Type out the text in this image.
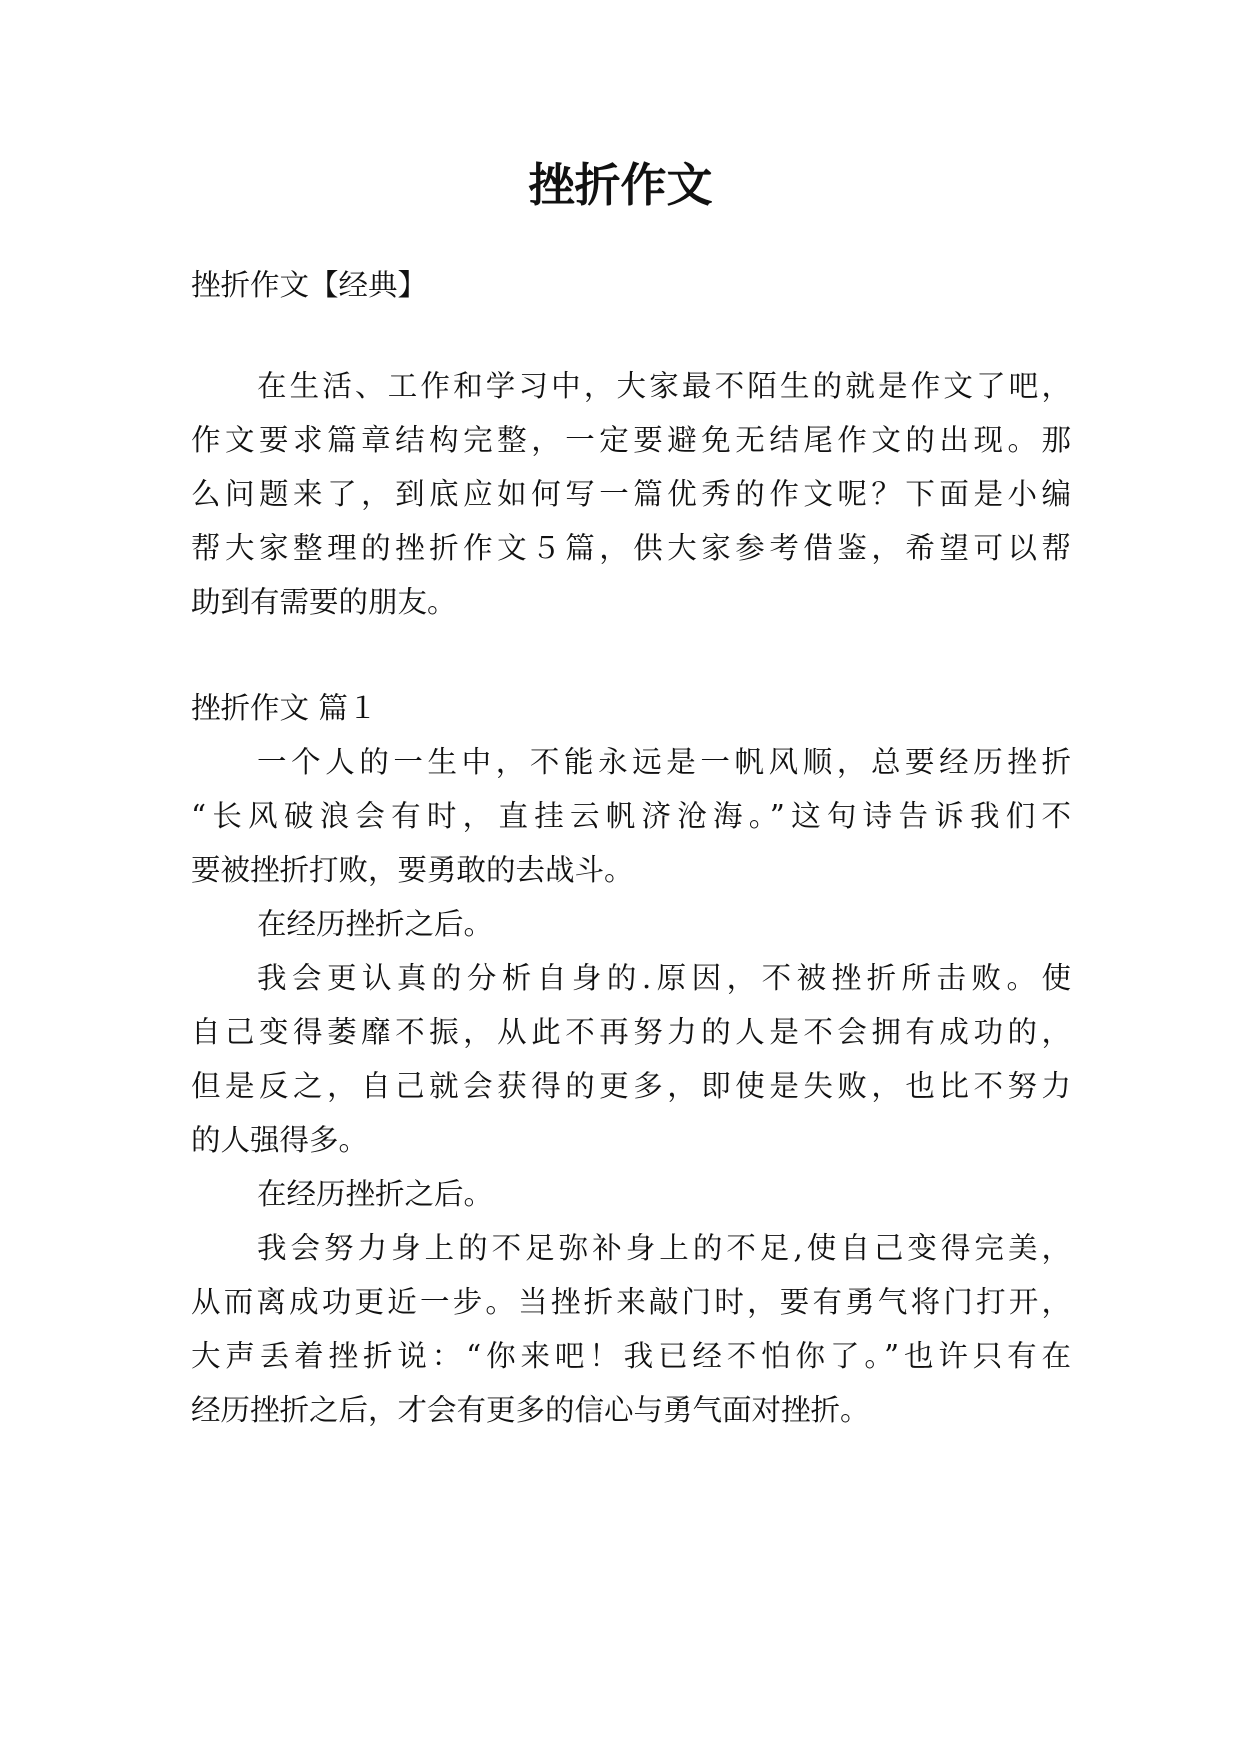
挫折作文
挫折作文【经典】
在生活、工作和学习中，大家最不陌生的就是作文了吧，
作文要求篇章结构完整，一定要避免无结尾作文的出现。那
么问题来了，到底应如何写一篇优秀的作文呢？下面是小编
帮大家整理的挫折作文５篇，供大家参考借鉴，希望可以帮
助到有需要的朋友。
挫折作文 篇１
一个人的一生中，不能永远是一帆风顺，总要经历挫折
“长风破浪会有时，直挂云帆济沧海。”这句诗告诉我们不
要被挫折打败，要勇敢的去战斗。
在经历挫折之后。
我会更认真的分析自身的.原因，不被挫折所击败。使
自己变得萎靡不振，从此不再努力的人是不会拥有成功的，
但是反之，自己就会获得的更多，即使是失败，也比不努力
的人强得多。
在经历挫折之后。
我会努力身上的不足弥补身上的不足,使自己变得完美，
从而离成功更近一步。当挫折来敲门时，要有勇气将门打开，
大声丢着挫折说：“你来吧！我已经不怕你了。”也许只有在
经历挫折之后，才会有更多的信心与勇气面对挫折。
